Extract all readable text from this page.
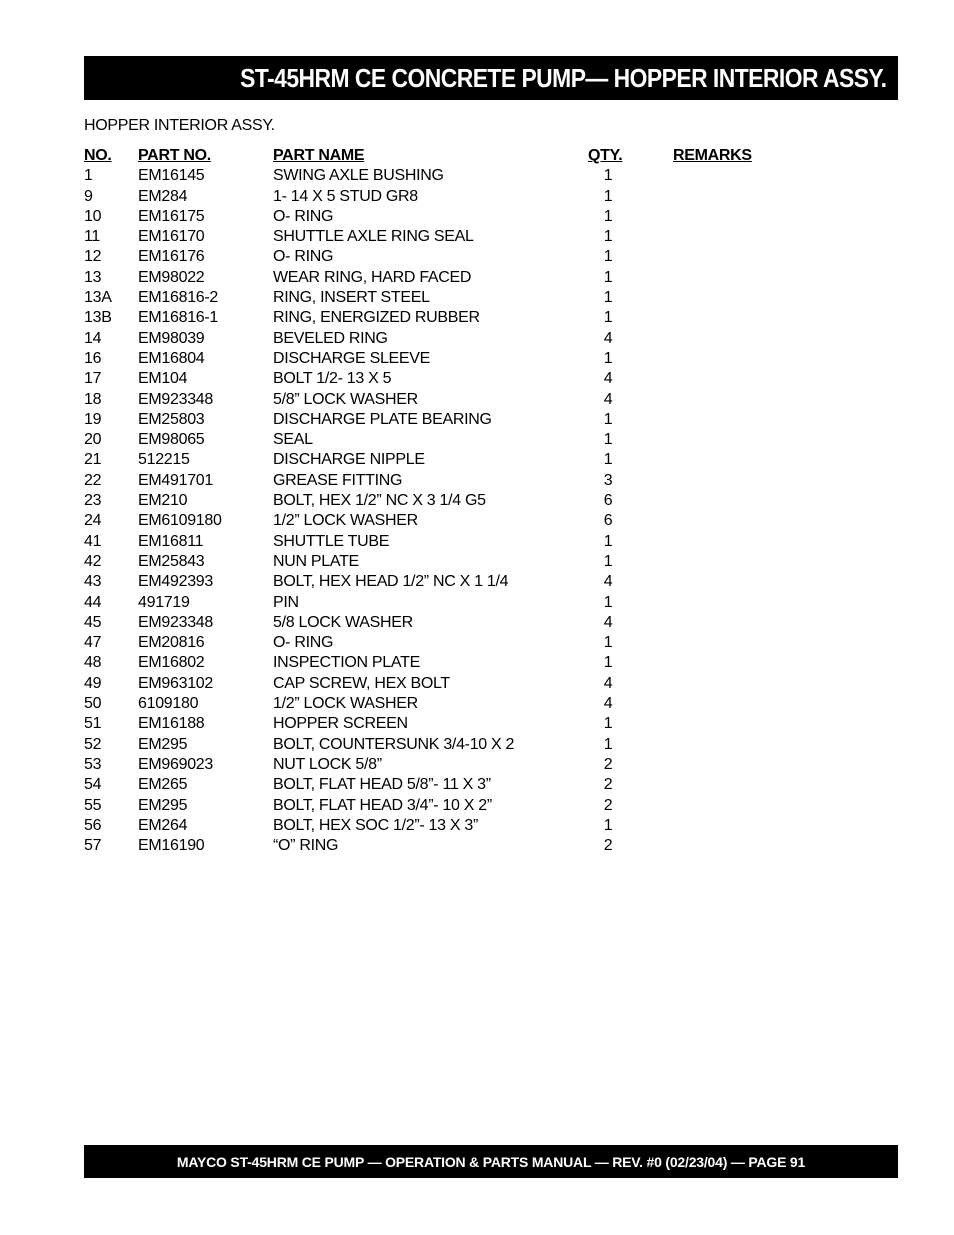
ST-45HRM CE CONCRETE PUMP— HOPPER INTERIOR ASSY.
HOPPER INTERIOR ASSY.
NO. PART NO.	PART NAME	QTY.	REMARKS
1	EM16145	SWING AXLE BUSHING	1
9	EM284	1- 14 X 5 STUD GR8	1
10 EM16175	O- RING	1
11 EM16170	SHUTTLE AXLE RING SEAL	1
12 EM16176	O- RING	1
13 EM98022	WEAR RING, HARD FACED	1
13A EM16816-2	RING, INSERT STEEL	1
13B EM16816-1	RING, ENERGIZED RUBBER	1
14 EM98039	BEVELED RING	4
16 EM16804	DISCHARGE SLEEVE	1
17 EM104	BOLT 1/2- 13 X 5	4
18 EM923348	5/8” LOCK WASHER	4
19 EM25803	DISCHARGE PLATE BEARING	1
20 EM98065	SEAL	1
21 512215	DISCHARGE NIPPLE	1
22 EM491701	GREASE FITTING	3
23 EM210	BOLT, HEX 1/2” NC X 3 1/4 G5	6
24 EM6109180	1/2” LOCK WASHER	6
41 EM16811	SHUTTLE TUBE	1
42 EM25843	NUN PLATE	1
43 EM492393	BOLT, HEX HEAD 1/2” NC X 1 1/4	4
44 491719	PIN	1
45 EM923348	5/8 LOCK WASHER	4
47 EM20816	O- RING	1
48 EM16802	INSPECTION PLATE	1
49 EM963102	CAP SCREW, HEX BOLT	4
50 6109180	1/2” LOCK WASHER	4
51 EM16188	HOPPER SCREEN	1
52 EM295	BOLT, COUNTERSUNK 3/4-10 X 2	1
53 EM969023	NUT LOCK 5/8”	2
54 EM265	BOLT, FLAT HEAD 5/8”- 11 X 3”	2
55 EM295	BOLT, FLAT HEAD 3/4”- 10 X 2”	2
56 EM264	BOLT, HEX SOC 1/2”- 13 X 3”	1
57 EM16190	“O” RING	2
MAYCO ST-45HRM CE PUMP — OPERATION & PARTS MANUAL — REV. #0 (02/23/04) — PAGE 91
